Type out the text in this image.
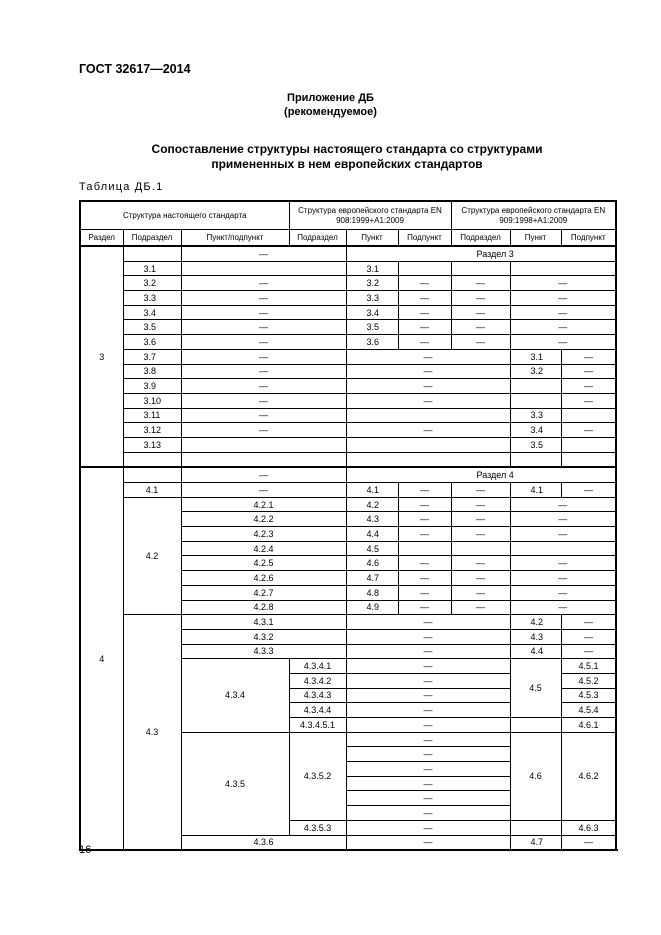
ГОСТ 32617—2014
Приложение ДБ
(рекомендуемое)
Сопоставление структуры настоящего стандарта со структурами
примененных в нем европейских стандартов
Таблица ДБ.1
Структура настоящего стандарта			Структура европейского стандарта EN 908:1999+A1:2009			Структура европейского стандарта EN 909:1998+A1:2009			
Раздел	Подраздел	Пункт/подпункт	Подраздел	Пункт	Подпункт	Подраздел	Пункт	Подпункт	
3		—		Раздел 3					
	3.1			3.1					
	3.2	—		3.2	—	—	—		
	3.3	—		3.3	—	—	—		
	3.4	—		3.4	—	—	—		
	3.5	—		3.5	—	—	—		
	3.6	—		3.6	—	—	—		
	3.7	—		—			3.1	—	
	3.8	—		—			3.2	—	
	3.9	—		—				—	
	3.10	—		—				—	
	3.11	—					3.3		
	3.12	—		—			3.4	—	
	3.13						3.5		

4		—		Раздел 4					
	4.1	—		4.1	—	—	4.1	—	
	4.2	4.2.1		4.2	—	—	—		
		4.2.2		4.3	—	—	—		
		4.2.3		4.4	—	—	—		
		4.2.4		4.5					
		4.2.5		4.6	—	—	—		
		4.2.6		4.7	—	—	—		
		4.2.7		4.8	—	—	—		
		4.2.8		4.9	—	—	—		
	4.3	4.3.1		—			4.2	—	
		4.3.2		—			4.3	—	
		4.3.3		—			4.4	—	
		4.3.4	4.3.4.1	—			4.5	4.5.1	
			4.3.4.2	—				4.5.2	
			4.3.4.3	—				4.5.3	
			4.3.4.4	—				4.5.4	
			4.3.4.5.1	—				4.6.1	
		4.3.5	4.3.5.2	—			4.6	4.6.2	
				—	
				—	
				—	
				—	
				—	
			4.3.5.3	—				4.6.3	
		4.3.6		—			4.7	—	
16
